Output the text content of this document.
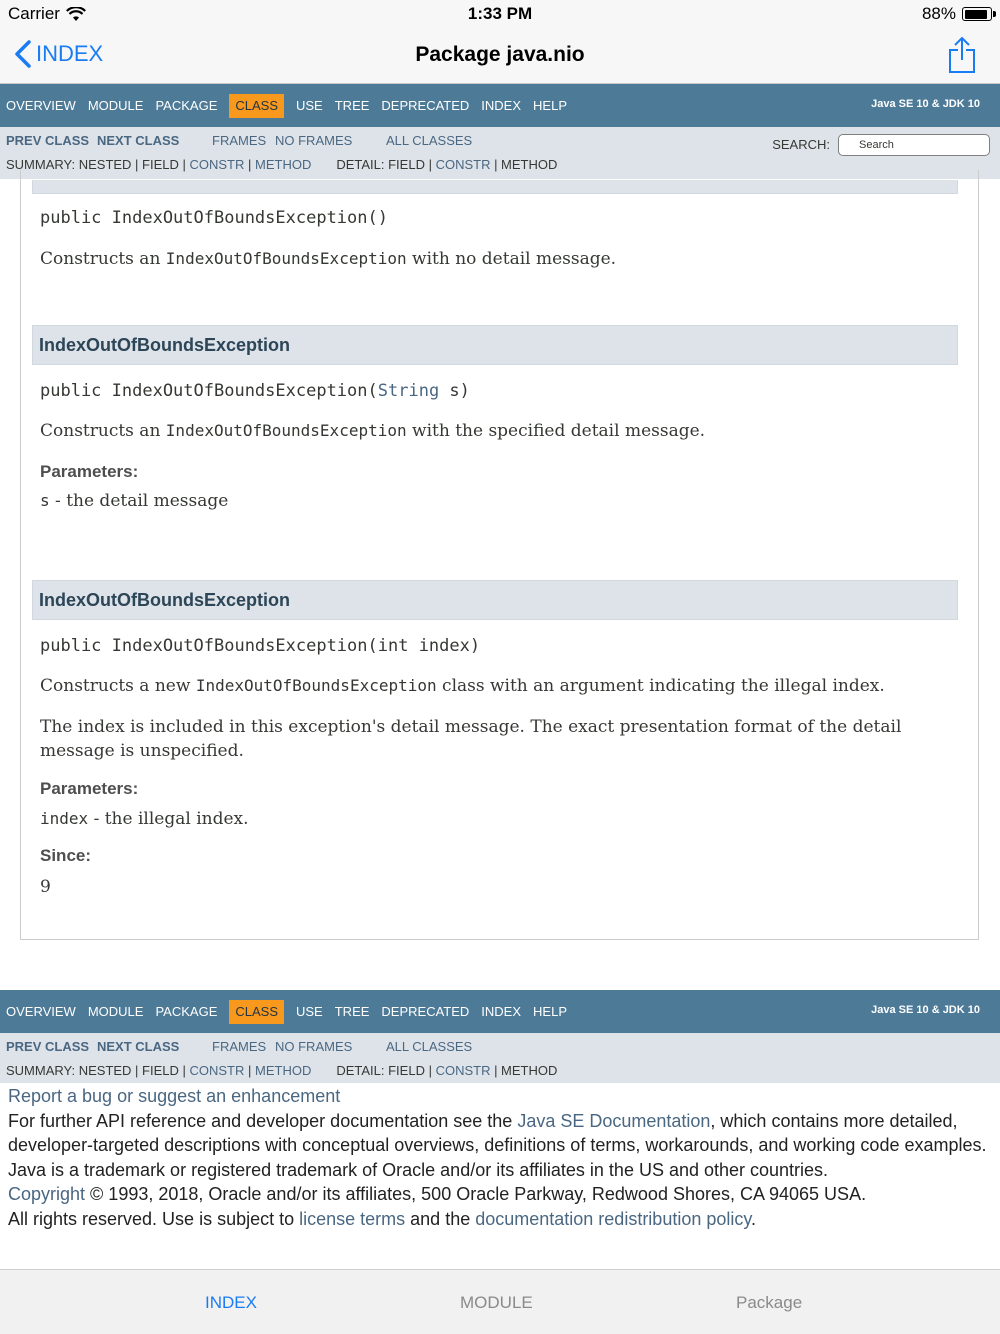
Carrier	1:33 PM	88%
INDEX	Package java.nio
OVERVIEW MODULE PACKAGE	CLASS	USE TREE DEPRECATED INDEX HELP	Java SE 10 & JDK 10
PREV CLASS NEXT CLASS	FRAMES NO FRAMES	ALL CLASSES	SEARCH:	Search
SUMMARY: NESTED | FIELD | CONSTR | METHOD DETAIL: FIELD | CONSTR | METHOD
public IndexOutOfBoundsException()
Constructs an IndexOutOfBoundsException with no detail message.
IndexOutOfBoundsException
public IndexOutOfBoundsException(String s)
Constructs an IndexOutOfBoundsException with the specified detail message.
Parameters:
s - the detail message
IndexOutOfBoundsException
public IndexOutOfBoundsException(int index)
Constructs a new IndexOutOfBoundsException class with an argument indicating the illegal index.
The index is included in this exception's detail message. The exact presentation format of the detail message is unspecified.
Parameters:
index - the illegal index.
Since:
9
OVERVIEW MODULE PACKAGE	CLASS	USE TREE DEPRECATED INDEX HELP	Java SE 10 & JDK 10
PREV CLASS NEXT CLASS	FRAMES NO FRAMES	ALL CLASSES
SUMMARY: NESTED | FIELD | CONSTR | METHOD DETAIL: FIELD | CONSTR | METHOD
Report a bug or suggest an enhancement
For further API reference and developer documentation see the Java SE Documentation, which contains more detailed, developer-targeted descriptions with conceptual overviews, definitions of terms, workarounds, and working code examples.
Java is a trademark or registered trademark of Oracle and/or its affiliates in the US and other countries.
Copyright © 1993, 2018, Oracle and/or its affiliates, 500 Oracle Parkway, Redwood Shores, CA 94065 USA.
All rights reserved. Use is subject to license terms and the documentation redistribution policy.
INDEX	MODULE	Package
